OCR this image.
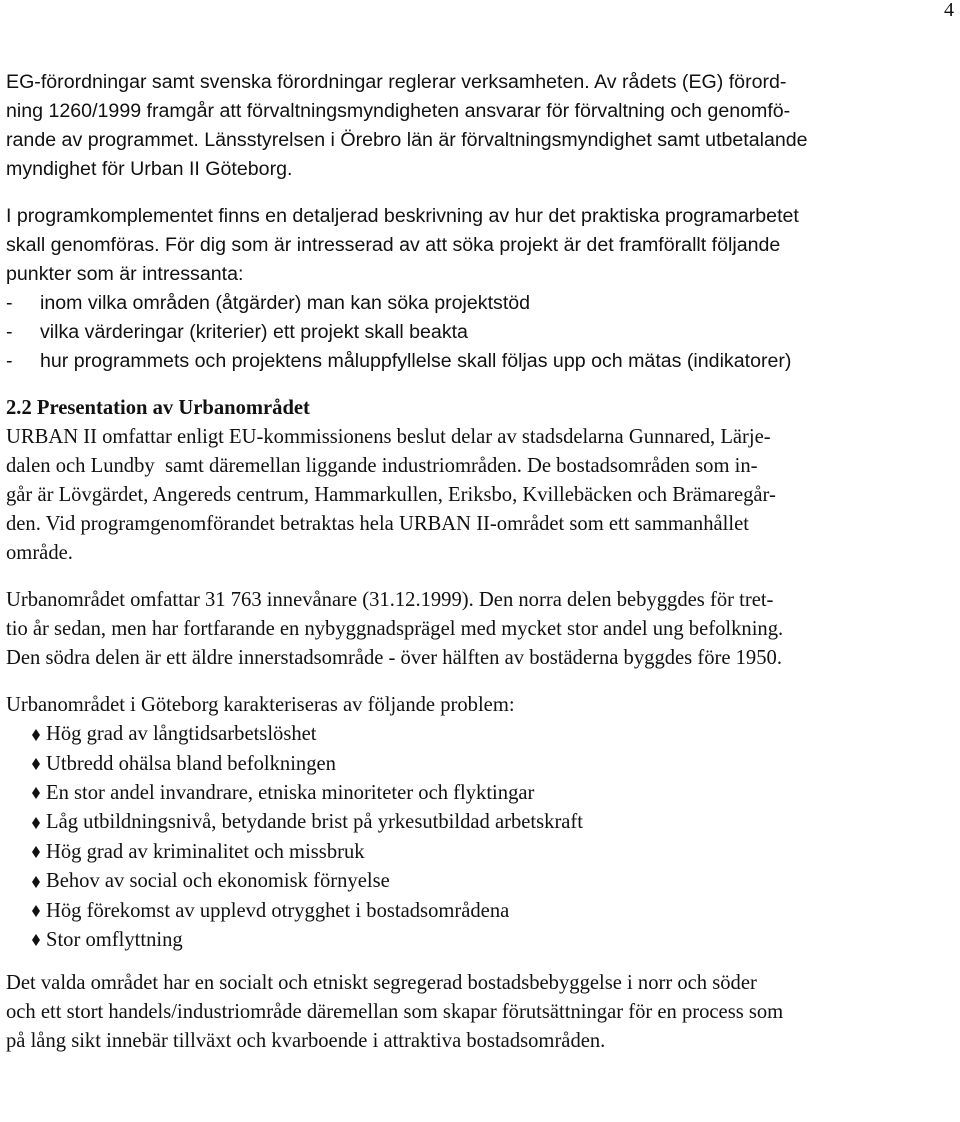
4
EG-förordningar samt svenska förordningar reglerar verksamheten. Av rådets (EG) förord-
ning 1260/1999 framgår att förvaltningsmyndigheten ansvarar för förvaltning och genomfö-
rande av programmet. Länsstyrelsen i Örebro län är förvaltningsmyndighet samt utbetalande
myndighet för Urban II Göteborg.
I programkomplementet finns en detaljerad beskrivning av hur det praktiska programarbetet
skall genomföras. För dig som är intresserad av att söka projekt är det framförallt följande
punkter som är intressanta:
-	inom vilka områden (åtgärder) man kan söka projektstöd
-	vilka värderingar (kriterier) ett projekt skall beakta
-	hur programmets och projektens måluppfyllelse skall följas upp och mätas (indikatorer)
2.2 Presentation av Urbanområdet
URBAN II omfattar enligt EU-kommissionens beslut delar av stadsdelarna Gunnared, Lärje-
dalen och Lundby  samt däremellan liggande industriområden. De bostadsområden som in-
går är Lövgärdet, Angereds centrum, Hammarkullen, Eriksbo, Kvillebäcken och Brämaregår-
den. Vid programgenomförandet betraktas hela URBAN II-området som ett sammanhållet
område.
Urbanområdet omfattar 31 763 innevånare (31.12.1999). Den norra delen bebyggdes för tret-
tio år sedan, men har fortfarande en nybyggnadsprägel med mycket stor andel ung befolkning.
Den södra delen är ett äldre innerstadsområde - över hälften av bostäderna byggdes före 1950.
Urbanområdet i Göteborg karakteriseras av följande problem:
Hög grad av långtidsarbetslöshet
Utbredd ohälsa bland befolkningen
En stor andel invandrare, etniska minoriteter och flyktingar
Låg utbildningsnivå, betydande brist på yrkesutbildad arbetskraft
Hög grad av kriminalitet och missbruk
Behov av social och ekonomisk förnyelse
Hög förekomst av upplevd otrygghet i bostadsområdena
Stor omflyttning
Det valda området har en socialt och etniskt segregerad bostadsbebyggelse i norr och söder
och ett stort handels/industriområde däremellan som skapar förutsättningar för en process som
på lång sikt innebär tillväxt och kvarboende i attraktiva bostadsområden.
